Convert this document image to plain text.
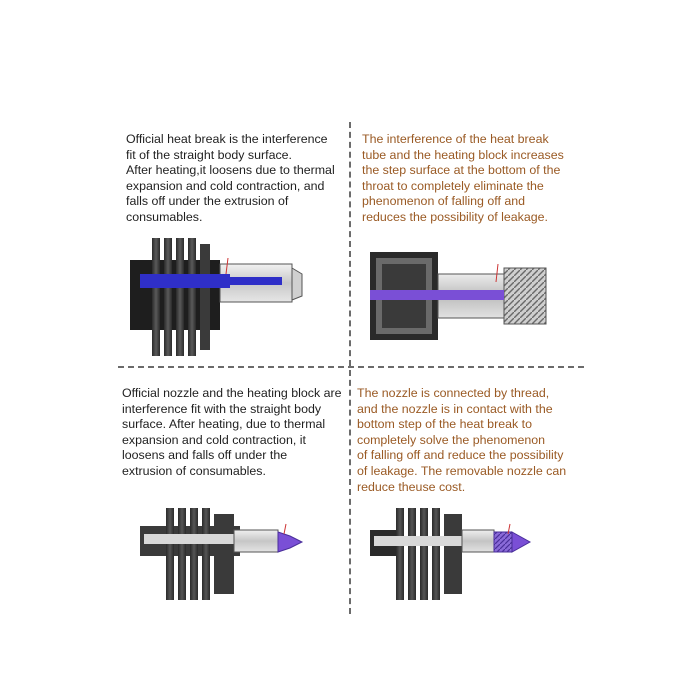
Official heat break is the interference
fit of the straight body surface.
After heating,it loosens due to thermal
expansion and cold contraction, and
falls off under the extrusion of
consumables.
The interference of the heat break
tube and the heating block increases
the step surface at the bottom of the
throat to completely eliminate the
phenomenon of falling off and
reduces the possibility of leakage.
Official nozzle and the heating block are
interference fit with the straight body
surface. After heating, due to thermal
expansion and cold contraction, it
loosens and falls off under the
extrusion of consumables.
The nozzle is connected by thread,
and the nozzle is in contact with the
bottom step of the heat break to
completely solve the phenomenon
of falling off and reduce the possibility
of leakage. The removable nozzle can
reduce theuse cost.
